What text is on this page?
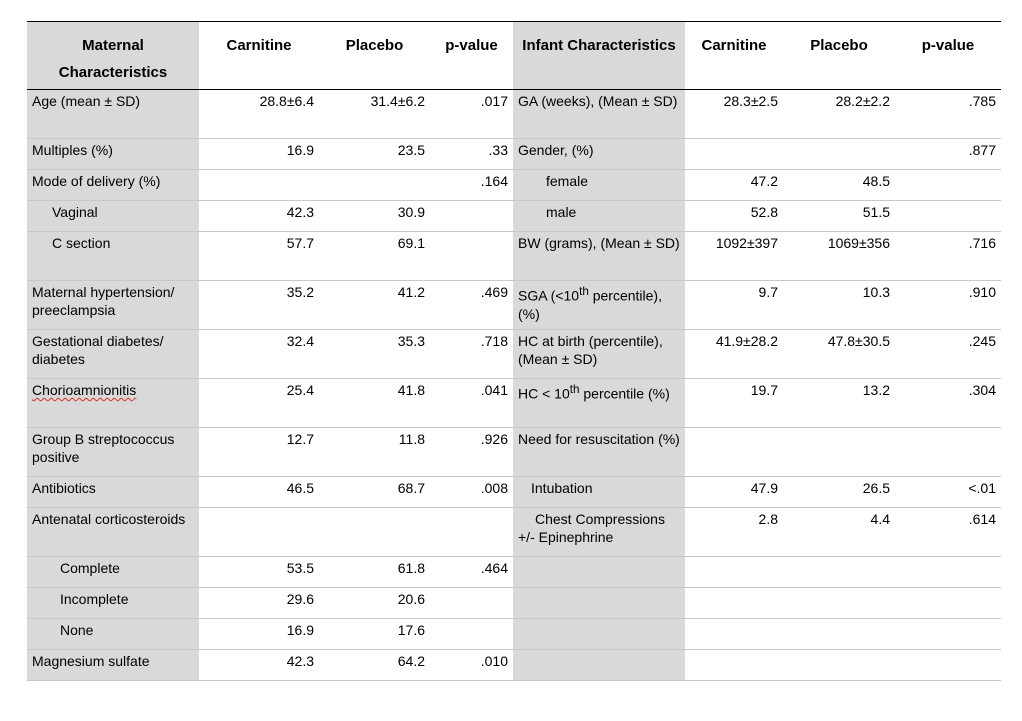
Maternal Characteristics	Carnitine	Placebo	p-value	Infant Characteristics	Carnitine	Placebo	p-value
Age (mean ± SD)	28.8±6.4	31.4±6.2	.017	GA (weeks), (Mean ± SD)	28.3±2.5	28.2±2.2	.785
Multiples (%)	16.9	23.5	.33	Gender, (%)			.877
Mode of delivery (%)			.164	female	47.2	48.5	
Vaginal	42.3	30.9		male	52.8	51.5	
C section	57.7	69.1		BW (grams), (Mean ± SD)	1092±397	1069±356	.716
Maternal hypertension/ preeclampsia	35.2	41.2	.469	SGA (<10th percentile), (%)	9.7	10.3	.910
Gestational diabetes/ diabetes	32.4	35.3	.718	HC at birth (percentile), (Mean ± SD)	41.9±28.2	47.8±30.5	.245
Chorioamnionitis	25.4	41.8	.041	HC < 10th percentile (%)	19.7	13.2	.304
Group B streptococcus positive	12.7	11.8	.926	Need for resuscitation (%)			
Antibiotics	46.5	68.7	.008	Intubation	47.9	26.5	<.01
Antenatal corticosteroids				Chest Compressions +/- Epinephrine	2.8	4.4	.614
Complete	53.5	61.8	.464				
Incomplete	29.6	20.6					
None	16.9	17.6					
Magnesium sulfate	42.3	64.2	.010				
